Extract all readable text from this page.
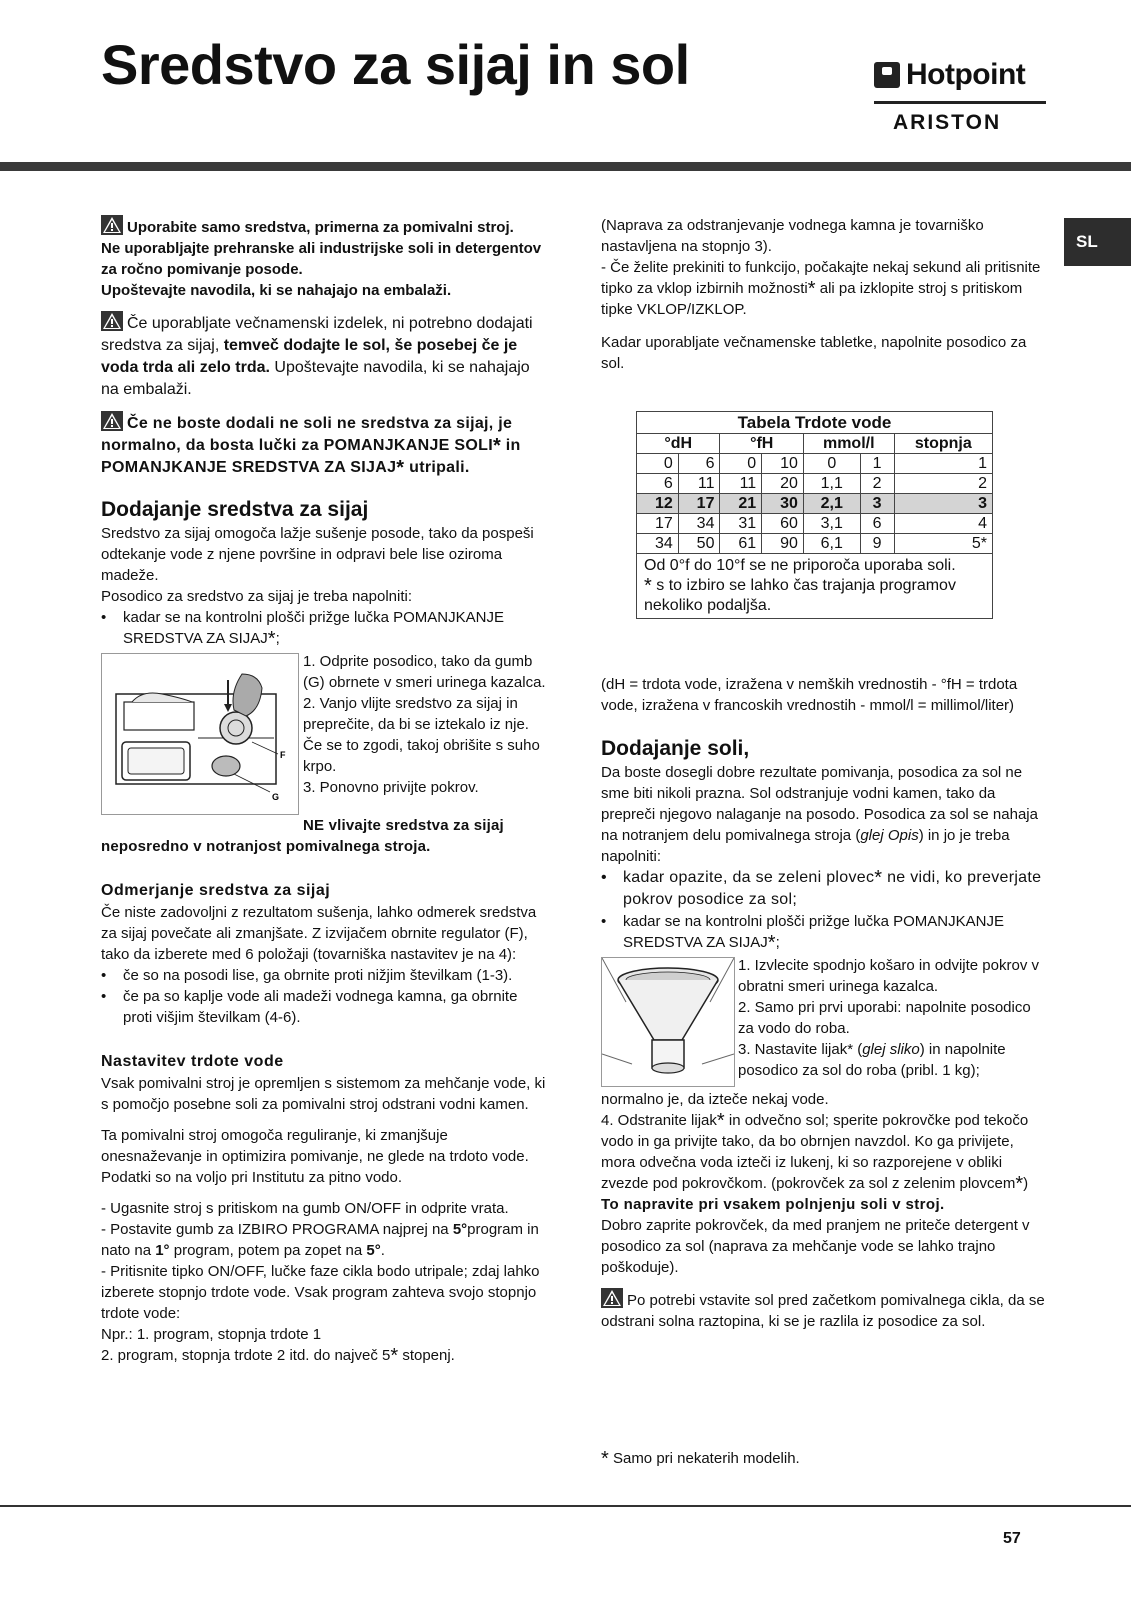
Sredstvo za sijaj in sol	Hotpoint
ARISTON
SL

Uporabite samo sredstva, primerna za pomivalni stroj.
Ne uporabljajte prehranske ali industrijske soli in detergentov za ročno pomivanje posode.
Upoštevajte navodila, ki se nahajajo na embalaži.

Če uporabljate večnamenski izdelek, ni potrebno dodajati sredstva za sijaj, temveč dodajte le sol, še posebej če je voda trda ali zelo trda. Upoštevajte navodila, ki se nahajajo na embalaži.

Če ne boste dodali ne soli ne sredstva za sijaj, je normalno, da bosta lučki za POMANJKANJE SOLI* in POMANJKANJE SREDSTVA ZA SIJAJ* utripali.

Dodajanje sredstva za sijaj

Sredstvo za sijaj omogoča lažje sušenje posode, tako da pospeši odtekanje vode z njene površine in odpravi bele lise oziroma madeže.

Posodico za sredstvo za sijaj je treba napolniti:

• kadar se na kontrolni plošči prižge lučka POMANJKANJE SREDSTVA ZA SIJAJ*;

F
G

1. Odprite posodico, tako da gumb (G) obrnete v smeri urinega kazalca.

2. Vanjo vlijte sredstvo za sijaj in preprečite, da bi se iztekalo iz nje. Če se to zgodi, takoj obrišite s suho krpo.

3. Ponovno privijte pokrov.

NE vlivajte sredstva za sijaj neposredno v notranjost pomivalnega stroja.

Odmerjanje sredstva za sijaj

Če niste zadovoljni z rezultatom sušenja, lahko odmerek sredstva za sijaj povečate ali zmanjšate. Z izvijačem obrnite regulator (F), tako da izberete med 6 položaji (tovarniška nastavitev je na 4):

• če so na posodi lise, ga obrnite proti nižjim številkam (1-3).

• če pa so kaplje vode ali madeži vodnega kamna, ga obrnite proti višjim številkam (4-6).

Nastavitev trdote vode

Vsak pomivalni stroj je opremljen s sistemom za mehčanje vode, ki s pomočjo posebne soli za pomivalni stroj odstrani vodni kamen.

Ta pomivalni stroj omogoča reguliranje, ki zmanjšuje onesnaževanje in optimizira pomivanje, ne glede na trdoto vode. Podatki so na voljo pri Institutu za pitno vodo.

- Ugasnite stroj s pritiskom na gumb ON/OFF in odprite vrata.

- Postavite gumb za IZBIRO PROGRAMA najprej na 5°program in nato na 1° program, potem pa zopet na 5°.

- Pritisnite tipko ON/OFF, lučke faze cikla bodo utripale; zdaj lahko izberete stopnjo trdote vode. Vsak program zahteva svojo stopnjo trdote vode:

Npr.: 1. program, stopnja trdote 1

2. program, stopnja trdote 2 itd. do največ 5* stopenj.

(Naprava za odstranjevanje vodnega kamna je tovarniško nastavljena na stopnjo 3).

- Če želite prekiniti to funkcijo, počakajte nekaj sekund ali pritisnite tipko za vklop izbirnih možnosti* ali pa izklopite stroj s pritiskom tipke VKLOP/IZKLOP.

Kadar uporabljate večnamenske tabletke, napolnite posodico za sol.

Tabela Trdote vode						
°dH		°fH		mmol/l		stopnja
0	6	0	10	0	1	1
6	11	11	20	1,1	2	2
12	17	21	30	2,1	3	3
17	34	31	60	3,1	6	4
34	50	61	90	6,1	9	5*
Od 0°f do 10°f se ne priporoča uporaba soli.
* s to izbiro se lahko čas trajanja programov nekoliko podaljša.

(dH = trdota vode, izražena v nemških vrednostih - °fH = trdota vode, izražena v francoskih vrednostih - mmol/l = millimol/liter)

Dodajanje soli,

Da boste dosegli dobre rezultate pomivanja, posodica za sol ne sme biti nikoli prazna. Sol odstranjuje vodni kamen, tako da prepreči njegovo nalaganje na posodo. Posodica za sol se nahaja na notranjem delu pomivalnega stroja (glej Opis) in jo je treba napolniti:

• kadar opazite, da se zeleni plovec* ne vidi, ko preverjate pokrov posodice za sol;

• kadar se na kontrolni plošči prižge lučka POMANJKANJE SREDSTVA ZA SIJAJ*;

1. Izvlecite spodnjo košaro in odvijte pokrov v obratni smeri urinega kazalca.

2. Samo pri prvi uporabi: napolnite posodico za vodo do roba.

3. Nastavite lijak* (glej sliko) in napolnite posodico za sol do roba (pribl. 1 kg);

normalno je, da izteče nekaj vode.

4. Odstranite lijak* in odvečno sol; sperite pokrovčke pod tekočo vodo in ga privijte tako, da bo obrnjen navzdol. Ko ga privijete, mora odvečna voda izteči iz lukenj, ki so razporejene v obliki zvezde pod pokrovčkom. (pokrovček za sol z zelenim plovcem*)

To napravite pri vsakem polnjenju soli v stroj.

Dobro zaprite pokrovček, da med pranjem ne priteče detergent v posodico za sol (naprava za mehčanje vode se lahko trajno poškoduje).

Po potrebi vstavite sol pred začetkom pomivalnega cikla, da se odstrani solna raztopina, ki se je razlila iz posodice za sol.

* Samo pri nekaterih modelih.

57
